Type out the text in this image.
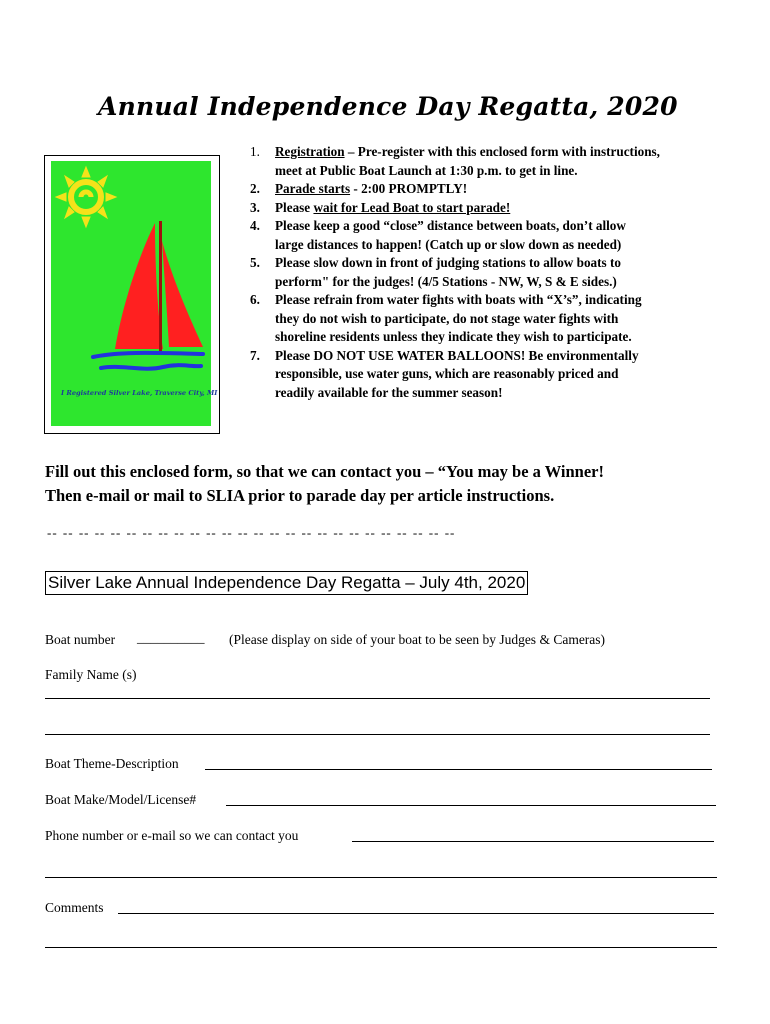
Annual Independence Day Regatta, 2020
I Registered Silver Lake, Traverse City, MI
1. Registration – Pre-register with this enclosed form with instructions,
meet at Public Boat Launch at 1:30 p.m. to get in line.
2. Parade starts - 2:00 PROMPTLY!
3. Please wait for Lead Boat to start parade!
4. Please keep a good “close” distance between boats, don’t allow
large distances to happen! (Catch up or slow down as needed)
5. Please slow down in front of judging stations to allow boats to
perform" for the judges! (4/5 Stations - NW, W, S & E sides.)
6. Please refrain from water fights with boats with “X’s”, indicating
they do not wish to participate, do not stage water fights with
shoreline residents unless they indicate they wish to participate.
7. Please DO NOT USE WATER BALLOONS! Be environmentally
responsible, use water guns, which are reasonably priced and
readily available for the summer season!
Fill out this enclosed form, so that we can contact you – “You may be a Winner!
Then e-mail or mail to SLIA prior to parade day per article instructions.
-- -- -- -- -- -- -- -- -- -- -- -- -- -- -- -- -- -- -- -- -- -- -- -- -- --
Silver Lake Annual Independence Day Regatta – July 4th, 2020
Boat number __________ (Please display on side of your boat to be seen by Judges & Cameras)
Family Name (s)
Boat Theme-Description
Boat Make/Model/License#
Phone number or e-mail so we can contact you
Comments
